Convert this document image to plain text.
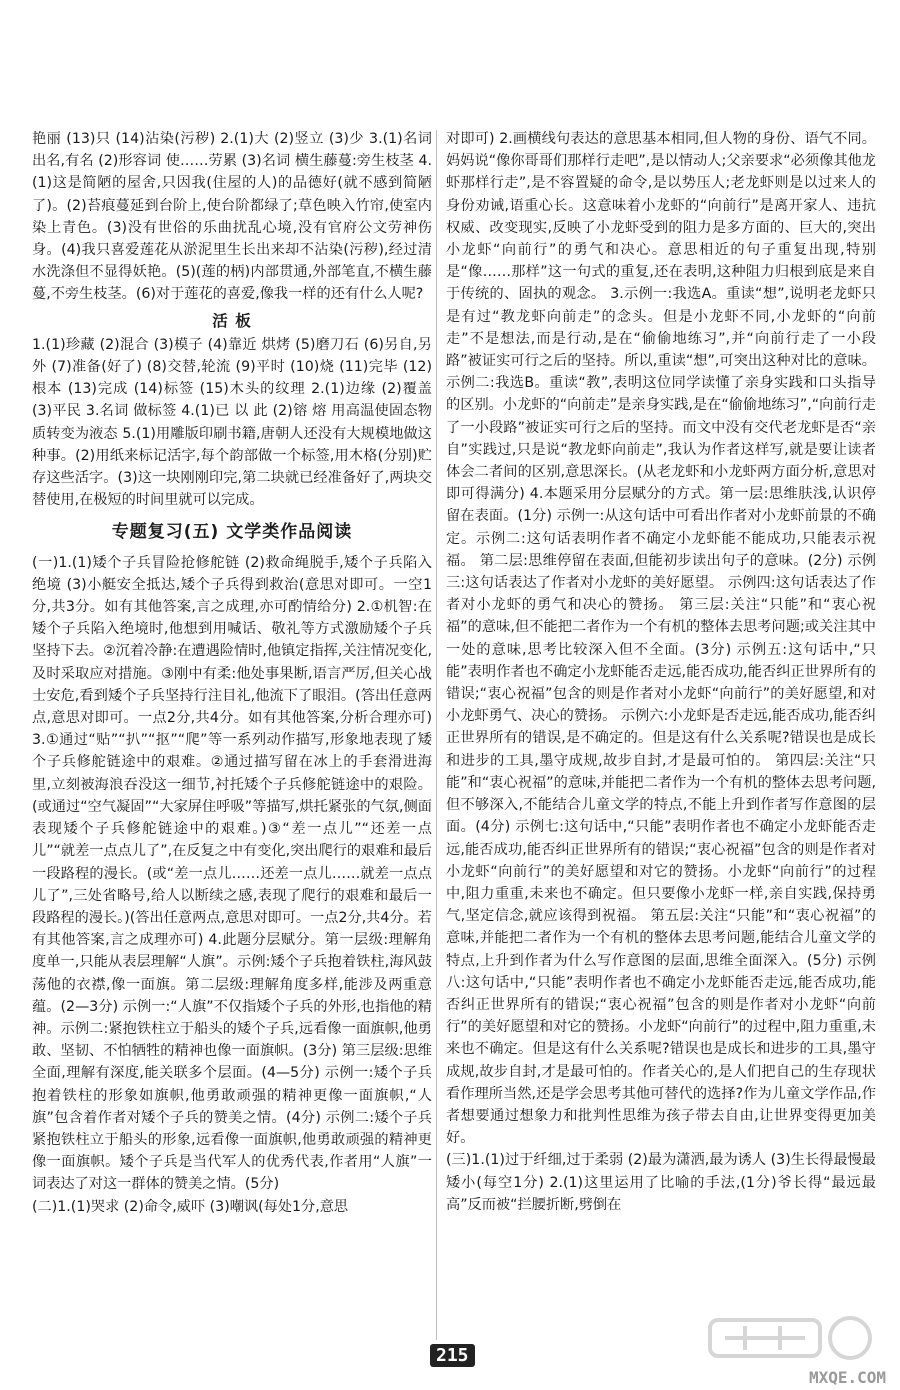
艳丽 (13)只 (14)沾染(污秽) 2.(1)大 (2)竖立 (3)少 3.(1)名词 出名,有名 (2)形容词 使……劳累 (3)名词 横生藤蔓:旁生枝茎 4.(1)这是简陋的屋舍,只因我(住屋的人)的品德好(就不感到简陋了)。(2)苔痕蔓延到台阶上,使台阶都绿了;草色映入竹帘,使室内染上青色。(3)没有世俗的乐曲扰乱心境,没有官府公文劳神伤身。(4)我只喜爱莲花从淤泥里生长出来却不沾染(污秽),经过清水洗涤但不显得妖艳。(5)(莲的柄)内部贯通,外部笔直,不横生藤蔓,不旁生枝茎。(6)对于莲花的喜爱,像我一样的还有什么人呢?

活 板

1.(1)珍藏 (2)混合 (3)模子 (4)靠近 烘烤 (5)磨刀石 (6)另自,另外 (7)准备(好了) (8)交替,轮流 (9)平时 (10)烧 (11)完毕 (12)根本 (13)完成 (14)标签 (15)木头的纹理 2.(1)边缘 (2)覆盖 (3)平民 3.名词 做标签 4.(1)已 以 此 (2)镕 熔 用高温使固态物质转变为液态 5.(1)用雕版印刷书籍,唐朝人还没有大规模地做这种事。(2)用纸来标记活字,每个韵部做一个标签,用木格(分别)贮存这些活字。(3)这一块刚刚印完,第二块就已经准备好了,两块交替使用,在极短的时间里就可以完成。

专题复习(五) 文学类作品阅读

(一)1.(1)矮个子兵冒险抢修舵链 (2)救命绳脱手,矮个子兵陷入绝境 (3)小艇安全抵达,矮个子兵得到救治(意思对即可。一空1分,共3分。如有其他答案,言之成理,亦可酌情给分) 2.①机智:在矮个子兵陷入绝境时,他想到用喊话、敬礼等方式激励矮个子兵坚持下去。②沉着冷静:在遭遇险情时,他镇定指挥,关注情况变化,及时采取应对措施。③刚中有柔:他处事果断,语言严厉,但关心战士安危,看到矮个子兵坚持行注目礼,他流下了眼泪。(答出任意两点,意思对即可。一点2分,共4分。如有其他答案,分析合理亦可) 3.①通过“贴”“扒”“抠”“爬”等一系列动作描写,形象地表现了矮个子兵修舵链途中的艰难。②通过描写留在冰上的手套滑进海里,立刻被海浪吞没这一细节,衬托矮个子兵修舵链途中的艰险。(或通过“空气凝固”“大家屏住呼吸”等描写,烘托紧张的气氛,侧面表现矮个子兵修舵链途中的艰难。)③“差一点儿”“还差一点儿”“就差一点点儿了”,在反复之中有变化,突出爬行的艰难和最后一段路程的漫长。(或“差一点儿……还差一点儿……就差一点点儿了”,三处省略号,给人以断续之感,表现了爬行的艰难和最后一段路程的漫长。)(答出任意两点,意思对即可。一点2分,共4分。若有其他答案,言之成理亦可) 4.此题分层赋分。第一层级:理解角度单一,只能从表层理解“人旗”。示例:矮个子兵抱着铁柱,海风鼓荡他的衣襟,像一面旗。第二层级:理解角度多样,能涉及两重意蕴。(2—3分) 示例一:“人旗”不仅指矮个子兵的外形,也指他的精神。示例二:紧抱铁柱立于船头的矮个子兵,远看像一面旗帜,他勇敢、坚韧、不怕牺牲的精神也像一面旗帜。(3分) 第三层级:思维全面,理解有深度,能关联多个层面。(4—5分) 示例一:矮个子兵抱着铁柱的形象如旗帜,他勇敢顽强的精神更像一面旗帜,“人旗”包含着作者对矮个子兵的赞美之情。(4分) 示例二:矮个子兵紧抱铁柱立于船头的形象,远看像一面旗帜,他勇敢顽强的精神更像一面旗帜。矮个子兵是当代军人的优秀代表,作者用“人旗”一词表达了对这一群体的赞美之情。(5分)

(二)1.(1)哭求 (2)命令,威吓 (3)嘲讽(每处1分,意思

对即可) 2.画横线句表达的意思基本相同,但人物的身份、语气不同。妈妈说“像你哥哥们那样行走吧”,是以情动人;父亲要求“必须像其他龙虾那样行走”,是不容置疑的命令,是以势压人;老龙虾则是以过来人的身份劝诫,语重心长。这意味着小龙虾的“向前行”是离开家人、违抗权威、改变现实,反映了小龙虾受到的阻力是多方面的、巨大的,突出小龙虾“向前行”的勇气和决心。意思相近的句子重复出现,特别是“像……那样”这一句式的重复,还在表明,这种阻力归根到底是来自于传统的、固执的观念。 3.示例一:我选A。重读“想”,说明老龙虾只是有过“教龙虾向前走”的念头。但是小龙虾不同,小龙虾的“向前走”不是想法,而是行动,是在“偷偷地练习”,并“向前行走了一小段路”被证实可行之后的坚持。所以,重读“想”,可突出这种对比的意味。 示例二:我选B。重读“教”,表明这位同学读懂了亲身实践和口头指导的区别。小龙虾的“向前走”是亲身实践,是在“偷偷地练习”,“向前行走了一小段路”被证实可行之后的坚持。而文中没有交代老龙虾是否“亲自”实践过,只是说“教龙虾向前走”,我认为作者这样写,就是要让读者体会二者间的区别,意思深长。(从老龙虾和小龙虾两方面分析,意思对即可得满分) 4.本题采用分层赋分的方式。第一层:思维肤浅,认识停留在表面。(1分) 示例一:从这句话中可看出作者对小龙虾前景的不确定。示例二:这句话表明作者不确定小龙虾能不能成功,只能表示祝福。 第二层:思维停留在表面,但能初步读出句子的意味。(2分) 示例三:这句话表达了作者对小龙虾的美好愿望。 示例四:这句话表达了作者对小龙虾的勇气和决心的赞扬。 第三层:关注“只能”和“衷心祝福”的意味,但不能把二者作为一个有机的整体去思考问题;或关注其中一处的意味,思考比较深入但不全面。(3分) 示例五:这句话中,“只能”表明作者也不确定小龙虾能否走远,能否成功,能否纠正世界所有的错误;“衷心祝福”包含的则是作者对小龙虾“向前行”的美好愿望,和对小龙虾勇气、决心的赞扬。 示例六:小龙虾是否走远,能否成功,能否纠正世界所有的错误,是不确定的。但是这有什么关系呢?错误也是成长和进步的工具,墨守成规,故步自封,才是最可怕的。 第四层:关注“只能”和“衷心祝福”的意味,并能把二者作为一个有机的整体去思考问题,但不够深入,不能结合儿童文学的特点,不能上升到作者写作意图的层面。(4分) 示例七:这句话中,“只能”表明作者也不确定小龙虾能否走远,能否成功,能否纠正世界所有的错误;“衷心祝福”包含的则是作者对小龙虾“向前行”的美好愿望和对它的赞扬。小龙虾“向前行”的过程中,阻力重重,未来也不确定。但只要像小龙虾一样,亲自实践,保持勇气,坚定信念,就应该得到祝福。 第五层:关注“只能”和“衷心祝福”的意味,并能把二者作为一个有机的整体去思考问题,能结合儿童文学的特点,上升到作者为什么写作意图的层面,思维全面深入。(5分) 示例八:这句话中,“只能”表明作者也不确定小龙虾能否走远,能否成功,能否纠正世界所有的错误;“衷心祝福”包含的则是作者对小龙虾“向前行”的美好愿望和对它的赞扬。小龙虾“向前行”的过程中,阻力重重,未来也不确定。但是这有什么关系呢?错误也是成长和进步的工具,墨守成规,故步自封,才是最可怕的。作者关心的,是人们把自己的生存现状看作理所当然,还是学会思考其他可替代的选择?作为儿童文学作品,作者想要通过想象力和批判性思维为孩子带去自由,让世界变得更加美好。

(三)1.(1)过于纤细,过于柔弱 (2)最为潇洒,最为诱人 (3)生长得最慢最矮小(每空1分) 2.(1)这里运用了比喻的手法,(1分)爷长得“最远最高”反而被“拦腰折断,劈倒在

215
MXQE.COM
